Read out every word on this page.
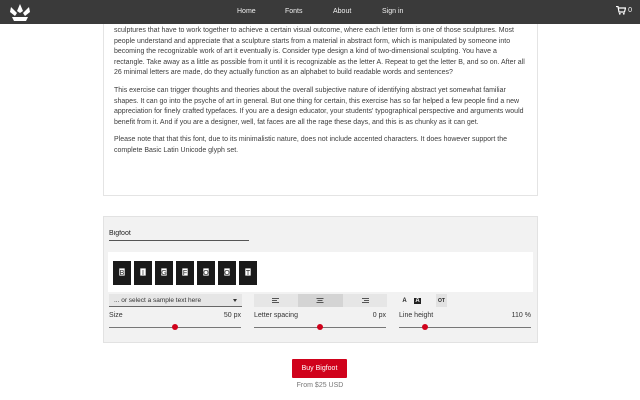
Home	Fonts	About	Sign in	0

sculptures that have to work together to achieve a certain visual outcome, where each letter form is one of those sculptures. Most people understand and appreciate that a sculpture starts from a material in abstract form, which is manipulated by someone into becoming the recognizable work of art it eventually is. Consider type design a kind of two-dimensional sculpting. You have a rectangle. Take away as a little as possible from it until it is recognizable as the letter A. Repeat to get the letter B, and so on. After all 26 minimal letters are made, do they actually function as an alphabet to build readable words and sentences?

This exercise can trigger thoughts and theories about the overall subjective nature of identifying abstract yet somewhat familiar shapes. It can go into the psyche of art in general. But one thing for certain, this exercise has so far helped a few people find a new appreciation for finely crafted typefaces. If you are a design educator, your students' typographical perspective and arguments would benefit from it. And if you are a designer, well, fat faces are all the rage these days, and this is as chunky as it can get.

Please note that that this font, due to its minimalistic nature, does not include accented characters. It does however support the complete Basic Latin Unicode glyph set.

Bigfoot
B	I G F O O T
... or select a sample text here	A A	OT
Size	50 px Letter spacing	0 px Line height	110 %
Buy Bigfoot
From $25 USD
